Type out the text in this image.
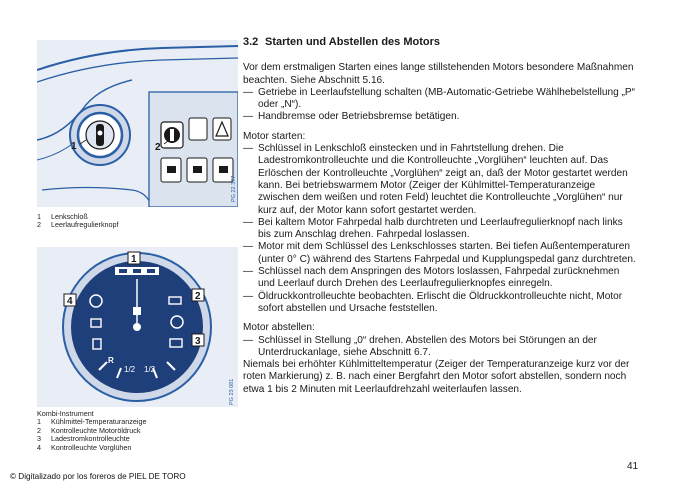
1	2
PG 22 377
1	Lenkschloß
2	Leerlaufregulierknopf
1/2 1/2
R
1
2
3
4
PG 23 081
Kombi-Instrument
1	Kühlmittel-Temperaturanzeige
2	Kontrolleuchte Motoröldruck
3	Ladestromkontrolleuchte
4	Kontrolleuchte Vorglühen
3.2 Starten und Abstellen des Motors

Vor dem erstmaligen Starten eines lange stillstehenden Motors besondere Maßnahmen beachten. Siehe Abschnitt 5.16.

— Getriebe in Leerlaufstellung schalten (MB-Automatic-Getriebe Wählhebelstellung „P“ oder „N“).
— Handbremse oder Betriebsbremse betätigen.

Motor starten:

— Schlüssel in Lenkschloß einstecken und in Fahrtstellung drehen. Die Ladestromkontrolleuchte und die Kontrolleuchte „Vorglühen“ leuchten auf. Das Erlöschen der Kontrolleuchte „Vorglühen“ zeigt an, daß der Motor gestartet werden kann. Bei betriebswarmem Motor (Zeiger der Kühlmittel-Temperaturanzeige zwischen dem weißen und roten Feld) leuchtet die Kontrolleuchte „Vorglühen“ nur kurz auf, der Motor kann sofort gestartet werden.
— Bei kaltem Motor Fahrpedal halb durchtreten und Leerlaufregulierknopf nach links bis zum Anschlag drehen. Fahrpedal loslassen.
— Motor mit dem Schlüssel des Lenkschlosses starten. Bei tiefen Außentemperaturen (unter 0° C) während des Startens Fahrpedal und Kupplungspedal ganz durchtreten.
— Schlüssel nach dem Anspringen des Motors loslassen, Fahrpedal zurücknehmen und Leerlauf durch Drehen des Leerlaufregulierknopfes einregeln.
— Öldruckkontrolleuchte beobachten. Erlischt die Öldruckkontrolleuchte nicht, Motor sofort abstellen und Ursache feststellen.

Motor abstellen:

— Schlüssel in Stellung „0“ drehen. Abstellen des Motors bei Störungen an der Unterdruckanlage, siehe Abschnitt 6.7.

Niemals bei erhöhter Kühlmitteltemperatur (Zeiger der Temperaturanzeige kurz vor der roten Markierung) z. B. nach einer Bergfahrt den Motor sofort abstellen, sondern noch etwa 1 bis 2 Minuten mit Leerlaufdrehzahl weiterlaufen lassen.

41
© Digitalizado por los foreros de PIEL DE TORO
